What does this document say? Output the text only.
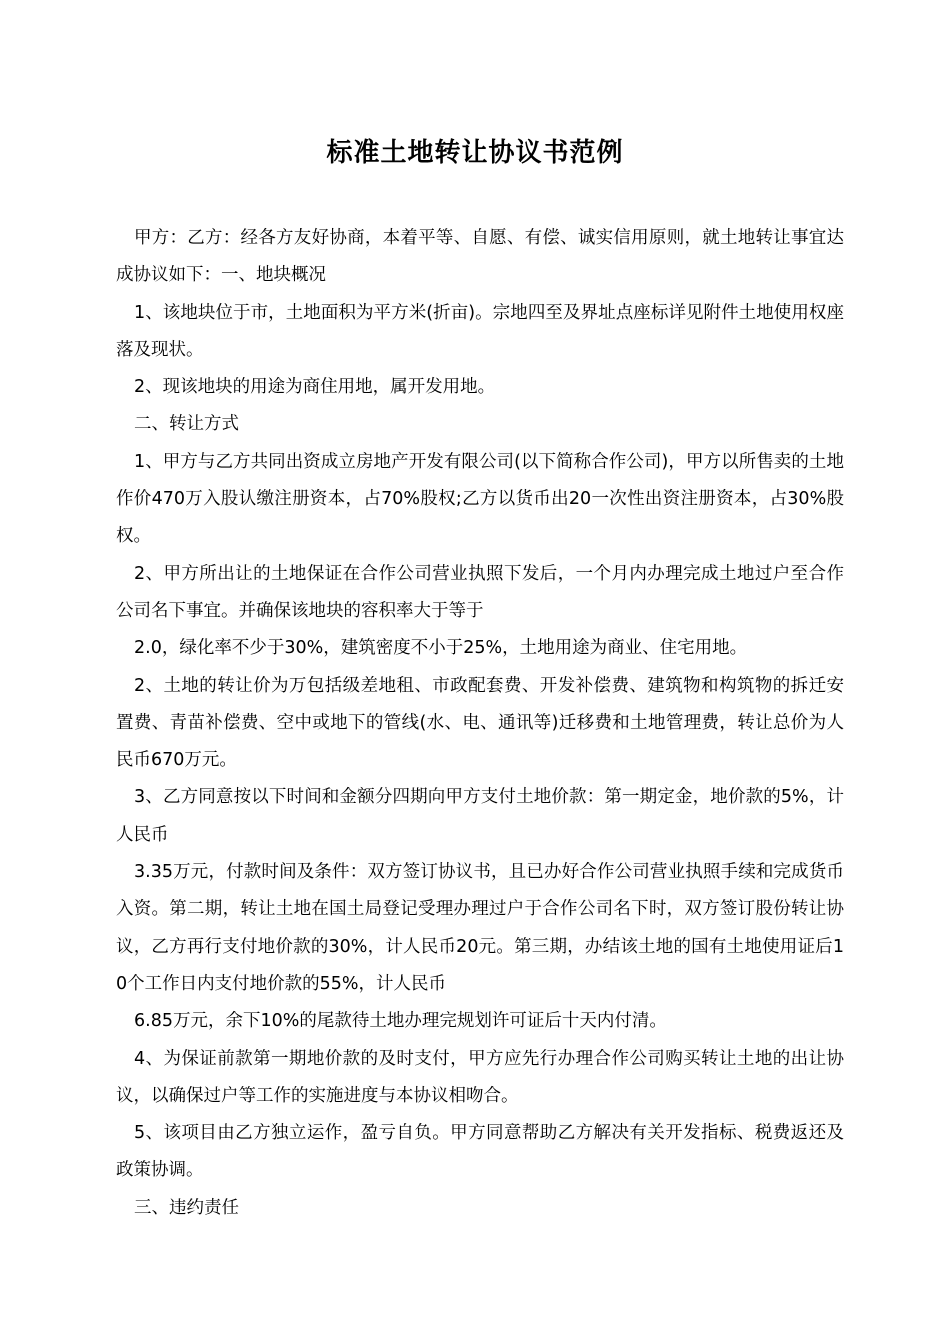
标准土地转让协议书范例

甲方：乙方：经各方友好协商，本着平等、自愿、有偿、诚实信用原则，就土地转让事宜达成协议如下：一、地块概况

1、该地块位于市，土地面积为平方米(折亩)。宗地四至及界址点座标详见附件土地使用权座落及现状。

2、现该地块的用途为商住用地，属开发用地。

二、转让方式

1、甲方与乙方共同出资成立房地产开发有限公司(以下简称合作公司)，甲方以所售卖的土地作价470万入股认缴注册资本，占70%股权;乙方以货币出20一次性出资注册资本，占30%股权。

2、甲方所出让的土地保证在合作公司营业执照下发后，一个月内办理完成土地过户至合作公司名下事宜。并确保该地块的容积率大于等于

2.0，绿化率不少于30%，建筑密度不小于25%，土地用途为商业、住宅用地。

2、土地的转让价为万包括级差地租、市政配套费、开发补偿费、建筑物和构筑物的拆迁安置费、青苗补偿费、空中或地下的管线(水、电、通讯等)迁移费和土地管理费，转让总价为人民币670万元。

3、乙方同意按以下时间和金额分四期向甲方支付土地价款：第一期定金，地价款的5%，计人民币

3.35万元，付款时间及条件：双方签订协议书，且已办好合作公司营业执照手续和完成货币入资。第二期，转让土地在国土局登记受理办理过户于合作公司名下时，双方签订股份转让协议，乙方再行支付地价款的30%，计人民币20元。第三期，办结该土地的国有土地使用证后10个工作日内支付地价款的55%，计人民币

6.85万元，余下10%的尾款待土地办理完规划许可证后十天内付清。

4、为保证前款第一期地价款的及时支付，甲方应先行办理合作公司购买转让土地的出让协议，以确保过户等工作的实施进度与本协议相吻合。

5、该项目由乙方独立运作，盈亏自负。甲方同意帮助乙方解决有关开发指标、税费返还及政策协调。

三、违约责任
